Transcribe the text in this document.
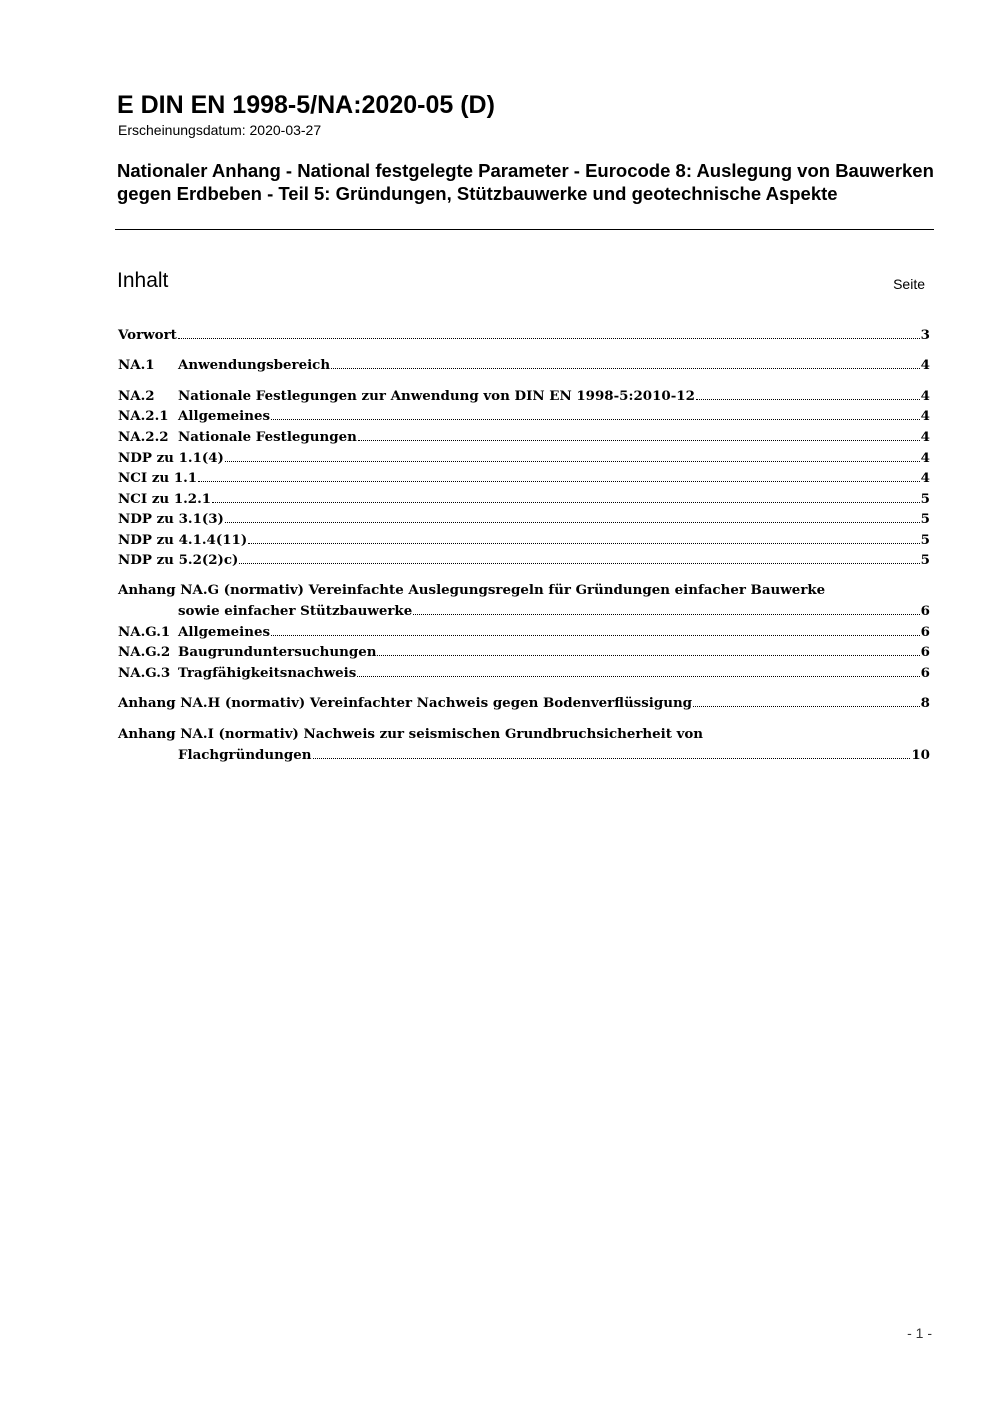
E DIN EN 1998-5/NA:2020-05 (D)
Erscheinungsdatum: 2020-03-27
Nationaler Anhang - National festgelegte Parameter - Eurocode 8: Auslegung von Bauwerken gegen Erdbeben - Teil 5: Gründungen, Stützbauwerke und geotechnische Aspekte
Inhalt	Seite
Vorwort	3
NA.1 Anwendungsbereich	4
NA.2 Nationale Festlegungen zur Anwendung von DIN EN 1998-5:2010-12	4
NA.2.1 Allgemeines	4
NA.2.2 Nationale Festlegungen	4
NDP zu 1.1(4)	4
NCI zu 1.1	4
NCI zu 1.2.1	5
NDP zu 3.1(3)	5
NDP zu 4.1.4(11)	5
NDP zu 5.2(2)c)	5
Anhang NA.G (normativ) Vereinfachte Auslegungsregeln für Gründungen einfacher Bauwerke
sowie einfacher Stützbauwerke	6
NA.G.1 Allgemeines	6
NA.G.2 Baugrunduntersuchungen	6
NA.G.3 Tragfähigkeitsnachweis	6
Anhang NA.H (normativ) Vereinfachter Nachweis gegen Bodenverflüssigung	8
Anhang NA.I (normativ) Nachweis zur seismischen Grundbruchsicherheit von
Flachgründungen	10
- 1 -
